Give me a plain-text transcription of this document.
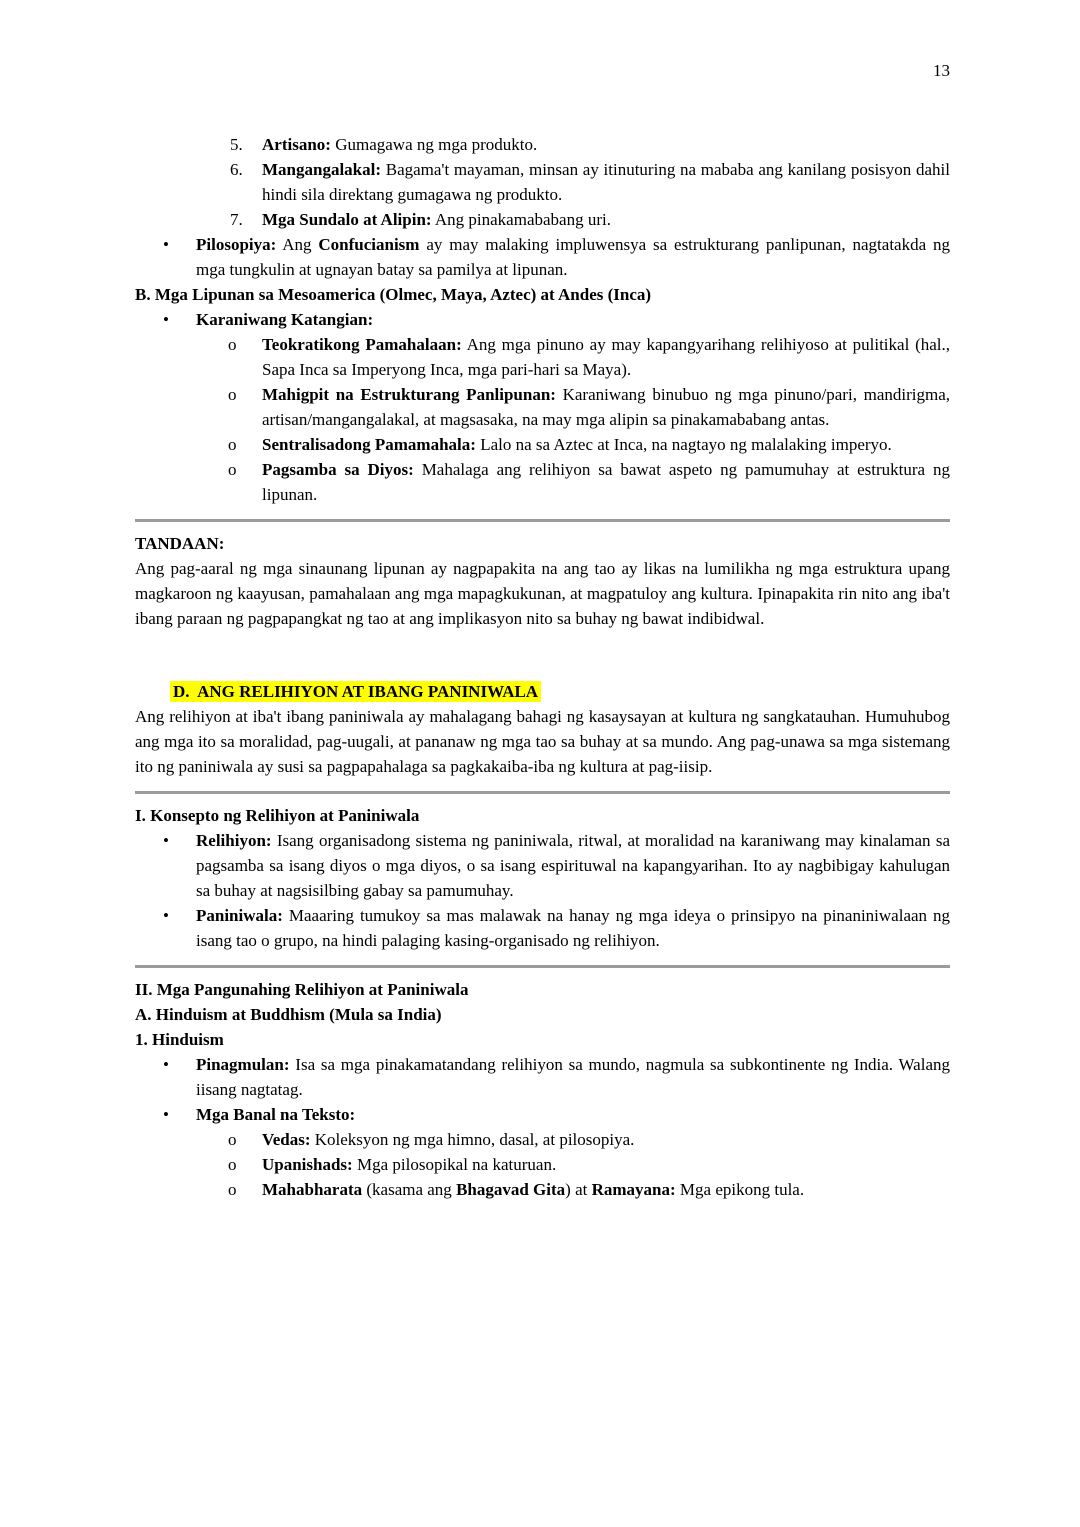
13
5.	Artisano: Gumagawa ng mga produkto.
6.	Mangangalakal: Bagama't mayaman, minsan ay itinuturing na mababa ang kanilang posisyon dahil hindi sila direktang gumagawa ng produkto.
7.	Mga Sundalo at Alipin: Ang pinakamababang uri.
•	Pilosopiya: Ang Confucianism ay may malaking impluwensya sa estrukturang panlipunan, nagtatakda ng mga tungkulin at ugnayan batay sa pamilya at lipunan.
B. Mga Lipunan sa Mesoamerica (Olmec, Maya, Aztec) at Andes (Inca)
•	Karaniwang Katangian:
o	Teokratikong Pamahalaan: Ang mga pinuno ay may kapangyarihang relihiyoso at pulitikal (hal., Sapa Inca sa Imperyong Inca, mga pari-hari sa Maya).
o	Mahigpit na Estrukturang Panlipunan: Karaniwang binubuo ng mga pinuno/pari, mandirigma, artisan/mangangalakal, at magsasaka, na may mga alipin sa pinakamababang antas.
o	Sentralisadong Pamamahala: Lalo na sa Aztec at Inca, na nagtayo ng malalaking imperyo.
o	Pagsamba sa Diyos: Mahalaga ang relihiyon sa bawat aspeto ng pamumuhay at estruktura ng lipunan.
TANDAAN:
Ang pag-aaral ng mga sinaunang lipunan ay nagpapakita na ang tao ay likas na lumilikha ng mga estruktura upang magkaroon ng kaayusan, pamahalaan ang mga mapagkukunan, at magpatuloy ang kultura. Ipinapakita rin nito ang iba't ibang paraan ng pagpapangkat ng tao at ang implikasyon nito sa buhay ng bawat indibidwal.
D.  ANG RELIHIYON AT IBANG PANINIWALA
Ang relihiyon at iba't ibang paniniwala ay mahalagang bahagi ng kasaysayan at kultura ng sangkatauhan. Humuhubog ang mga ito sa moralidad, pag-uugali, at pananaw ng mga tao sa buhay at sa mundo. Ang pag-unawa sa mga sistemang ito ng paniniwala ay susi sa pagpapahalaga sa pagkakaiba-iba ng kultura at pag-iisip.
I. Konsepto ng Relihiyon at Paniniwala
•	Relihiyon: Isang organisadong sistema ng paniniwala, ritwal, at moralidad na karaniwang may kinalaman sa pagsamba sa isang diyos o mga diyos, o sa isang espirituwal na kapangyarihan. Ito ay nagbibigay kahulugan sa buhay at nagsisilbing gabay sa pamumuhay.
•	Paniniwala: Maaaring tumukoy sa mas malawak na hanay ng mga ideya o prinsipyo na pinaniniwalaan ng isang tao o grupo, na hindi palaging kasing-organisado ng relihiyon.
II. Mga Pangunahing Relihiyon at Paniniwala
A. Hinduism at Buddhism (Mula sa India)
1. Hinduism
•	Pinagmulan: Isa sa mga pinakamatandang relihiyon sa mundo, nagmula sa subkontinente ng India. Walang iisang nagtatag.
•	Mga Banal na Teksto:
o	Vedas: Koleksyon ng mga himno, dasal, at pilosopiya.
o	Upanishads: Mga pilosopikal na katuruan.
o	Mahabharata (kasama ang Bhagavad Gita) at Ramayana: Mga epikong tula.
